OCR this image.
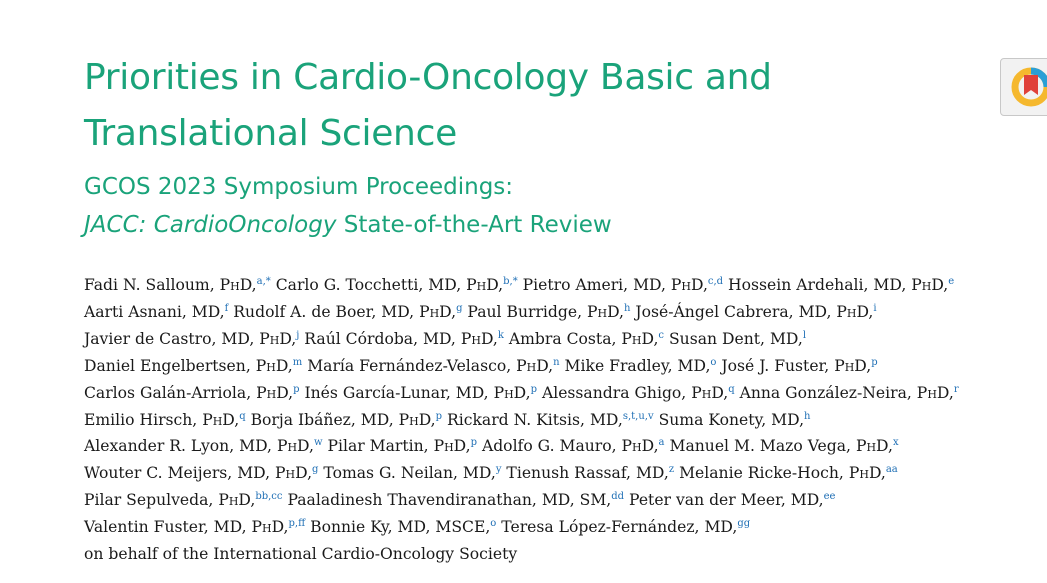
Priorities in Cardio-Oncology Basic and Translational Science
GCOS 2023 Symposium Proceedings:
JACC: CardioOncology State-of-the-Art Review
Fadi N. Salloum, PhD,$^{a,*}$ Carlo G. Tocchetti, MD, PhD,$^{b,*}$ Pietro Ameri, MD, PhD,$^{c,d}$ Hossein Ardehali, MD, PhD,$^e$
Aarti Asnani, MD,$^f$ Rudolf A. de Boer, MD, PhD,$^g$ Paul Burridge, PhD,$^h$ José-Ángel Cabrera, MD, PhD,$^i$
Javier de Castro, MD, PhD,$^j$ Raúl Córdoba, MD, PhD,$^k$ Ambra Costa, PhD,$^c$ Susan Dent, MD,$^l$
Daniel Engelbertsen, PhD,$^m$ María Fernández-Velasco, PhD,$^n$ Mike Fradley, MD,$^o$ José J. Fuster, PhD,$^p$
Carlos Galán-Arriola, PhD,$^p$ Inés García-Lunar, MD, PhD,$^p$ Alessandra Ghigo, PhD,$^q$ Anna González-Neira, PhD,$^r$
Emilio Hirsch, PhD,$^q$ Borja Ibáñez, MD, PhD,$^p$ Rickard N. Kitsis, MD,$^{s,t,u,v}$ Suma Konety, MD,$^h$
Alexander R. Lyon, MD, PhD,$^w$ Pilar Martin, PhD,$^p$ Adolfo G. Mauro, PhD,$^a$ Manuel M. Mazo Vega, PhD,$^x$
Wouter C. Meijers, MD, PhD,$^g$ Tomas G. Neilan, MD,$^y$ Tienush Rassaf, MD,$^z$ Melanie Ricke-Hoch, PhD,$^{aa}$
Pilar Sepulveda, PhD,$^{bb,cc}$ Paaladinesh Thavendiranathan, MD, SM,$^{dd}$ Peter van der Meer, MD,$^{ee}$
Valentin Fuster, MD, PhD,$^{p,ff}$ Bonnie Ky, MD, MSCE,$^o$ Teresa López-Fernández, MD,$^{gg}$
on behalf of the International Cardio-Oncology Society
